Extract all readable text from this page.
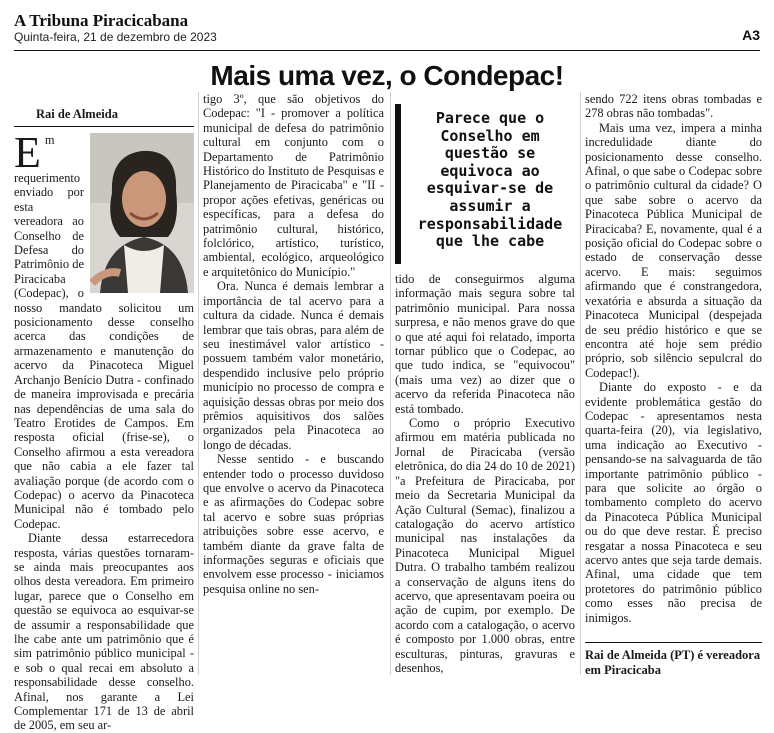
A Tribuna Piracicabana
Quinta-feira, 21 de dezembro de 2023	A3
Mais uma vez, o Condepac!
Rai de Almeida
E m requerimento enviado por esta vereadora ao Conselho de Defesa do Patrimônio de Piracicaba (Codepac), o nosso mandato solicitou um posicionamento desse conselho acerca das condições de armazenamento e manutenção do acervo da Pinacoteca Miguel Archanjo Benício Dutra - confinado de maneira improvisada e precária nas dependências de uma sala do Teatro Erotides de Campos. Em resposta oficial (frise-se), o Conselho afirmou a esta vereadora que não cabia a ele fazer tal avaliação porque (de acordo com o Codepac) o acervo da Pinacoteca Municipal não é tombado pelo Codepac.

Diante dessa estarrecedora resposta, várias questões tornaram-se ainda mais preocupantes aos olhos desta vereadora. Em primeiro lugar, parece que o Conselho em questão se equivoca ao esquivar-se de assumir a responsabilidade que lhe cabe ante um patrimônio que é sim patrimônio público municipal - e sob o qual recai em absoluto a responsabilidade desse conselho. Afinal, nos garante a Lei Complementar 171 de 13 de abril de 2005, em seu ar-

tigo 3º, que são objetivos do Codepac: "I - promover a política municipal de defesa do patrimônio cultural em conjunto com o Departamento de Patrimônio Histórico do Instituto de Pesquisas e Planejamento de Piracicaba" e "II - propor ações efetivas, genéricas ou específicas, para a defesa do patrimônio cultural, histórico, folclórico, artístico, turístico, ambiental, ecológico, arqueológico e arquitetônico do Município."

Ora. Nunca é demais lembrar a importância de tal acervo para a cultura da cidade. Nunca é demais lembrar que tais obras, para além de seu inestimável valor artístico - possuem também valor monetário, despendido inclusive pelo próprio município no processo de compra e aquisição dessas obras por meio dos prêmios aquisitivos dos salões organizados pela Pinacoteca ao longo de décadas.

Nesse sentido - e buscando entender todo o processo duvidoso que envolve o acervo da Pinacoteca e as afirmações do Codepac sobre tal acervo e sobre suas próprias atribuições sobre esse acervo, e também diante da grave falta de informações seguras e oficiais que envolvem esse processo - iniciamos pesquisa online no sen-

Parece que o Conselho em questão se equivoca ao esquivar-se de assumir a responsabilidade que lhe cabe

tido de conseguirmos alguma informação mais segura sobre tal patrimônio municipal. Para nossa surpresa, e não menos grave do que o que até aqui foi relatado, importa tornar público que o Codepac, ao que tudo indica, se "equivocou" (mais uma vez) ao dizer que o acervo da referida Pinacoteca não está tombado.

Como o próprio Executivo afirmou em matéria publicada no Jornal de Piracicaba (versão eletrônica, do dia 24 do 10 de 2021) "a Prefeitura de Piracicaba, por meio da Secretaria Municipal da Ação Cultural (Semac), finalizou a catalogação do acervo artístico municipal nas instalações da Pinacoteca Municipal Miguel Dutra. O trabalho também realizou a conservação de alguns itens do acervo, que apresentavam poeira ou ação de cupim, por exemplo. De acordo com a catalogação, o acervo é composto por 1.000 obras, entre esculturas, pinturas, gravuras e desenhos,

sendo 722 itens obras tombadas e 278 obras não tombadas".

Mais uma vez, impera a minha incredulidade diante do posicionamento desse conselho. Afinal, o que sabe o Codepac sobre o patrimônio cultural da cidade? O que sabe sobre o acervo da Pinacoteca Pública Municipal de Piracicaba? E, novamente, qual é a posição oficial do Codepac sobre o estado de conservação desse acervo. E mais: seguimos afirmando que é constrangedora, vexatória e absurda a situação da Pinacoteca Municipal (despejada de seu prédio histórico e que se encontra até hoje sem prédio próprio, sob silêncio sepulcral do Codepac!).

Diante do exposto - e da evidente problemática gestão do Codepac - apresentamos nesta quarta-feira (20), via legislativo, uma indicação ao Executivo - pensando-se na salvaguarda de tão importante patrimônio público - para que solicite ao órgão o tombamento completo do acervo da Pinacoteca Pública Municipal ou do que deve restar. É preciso resgatar a nossa Pinacoteca e seu acervo antes que seja tarde demais. Afinal, uma cidade que tem protetores do patrimônio público como esses não precisa de inimigos.

Rai de Almeida (PT) é vereadora em Piracicaba
